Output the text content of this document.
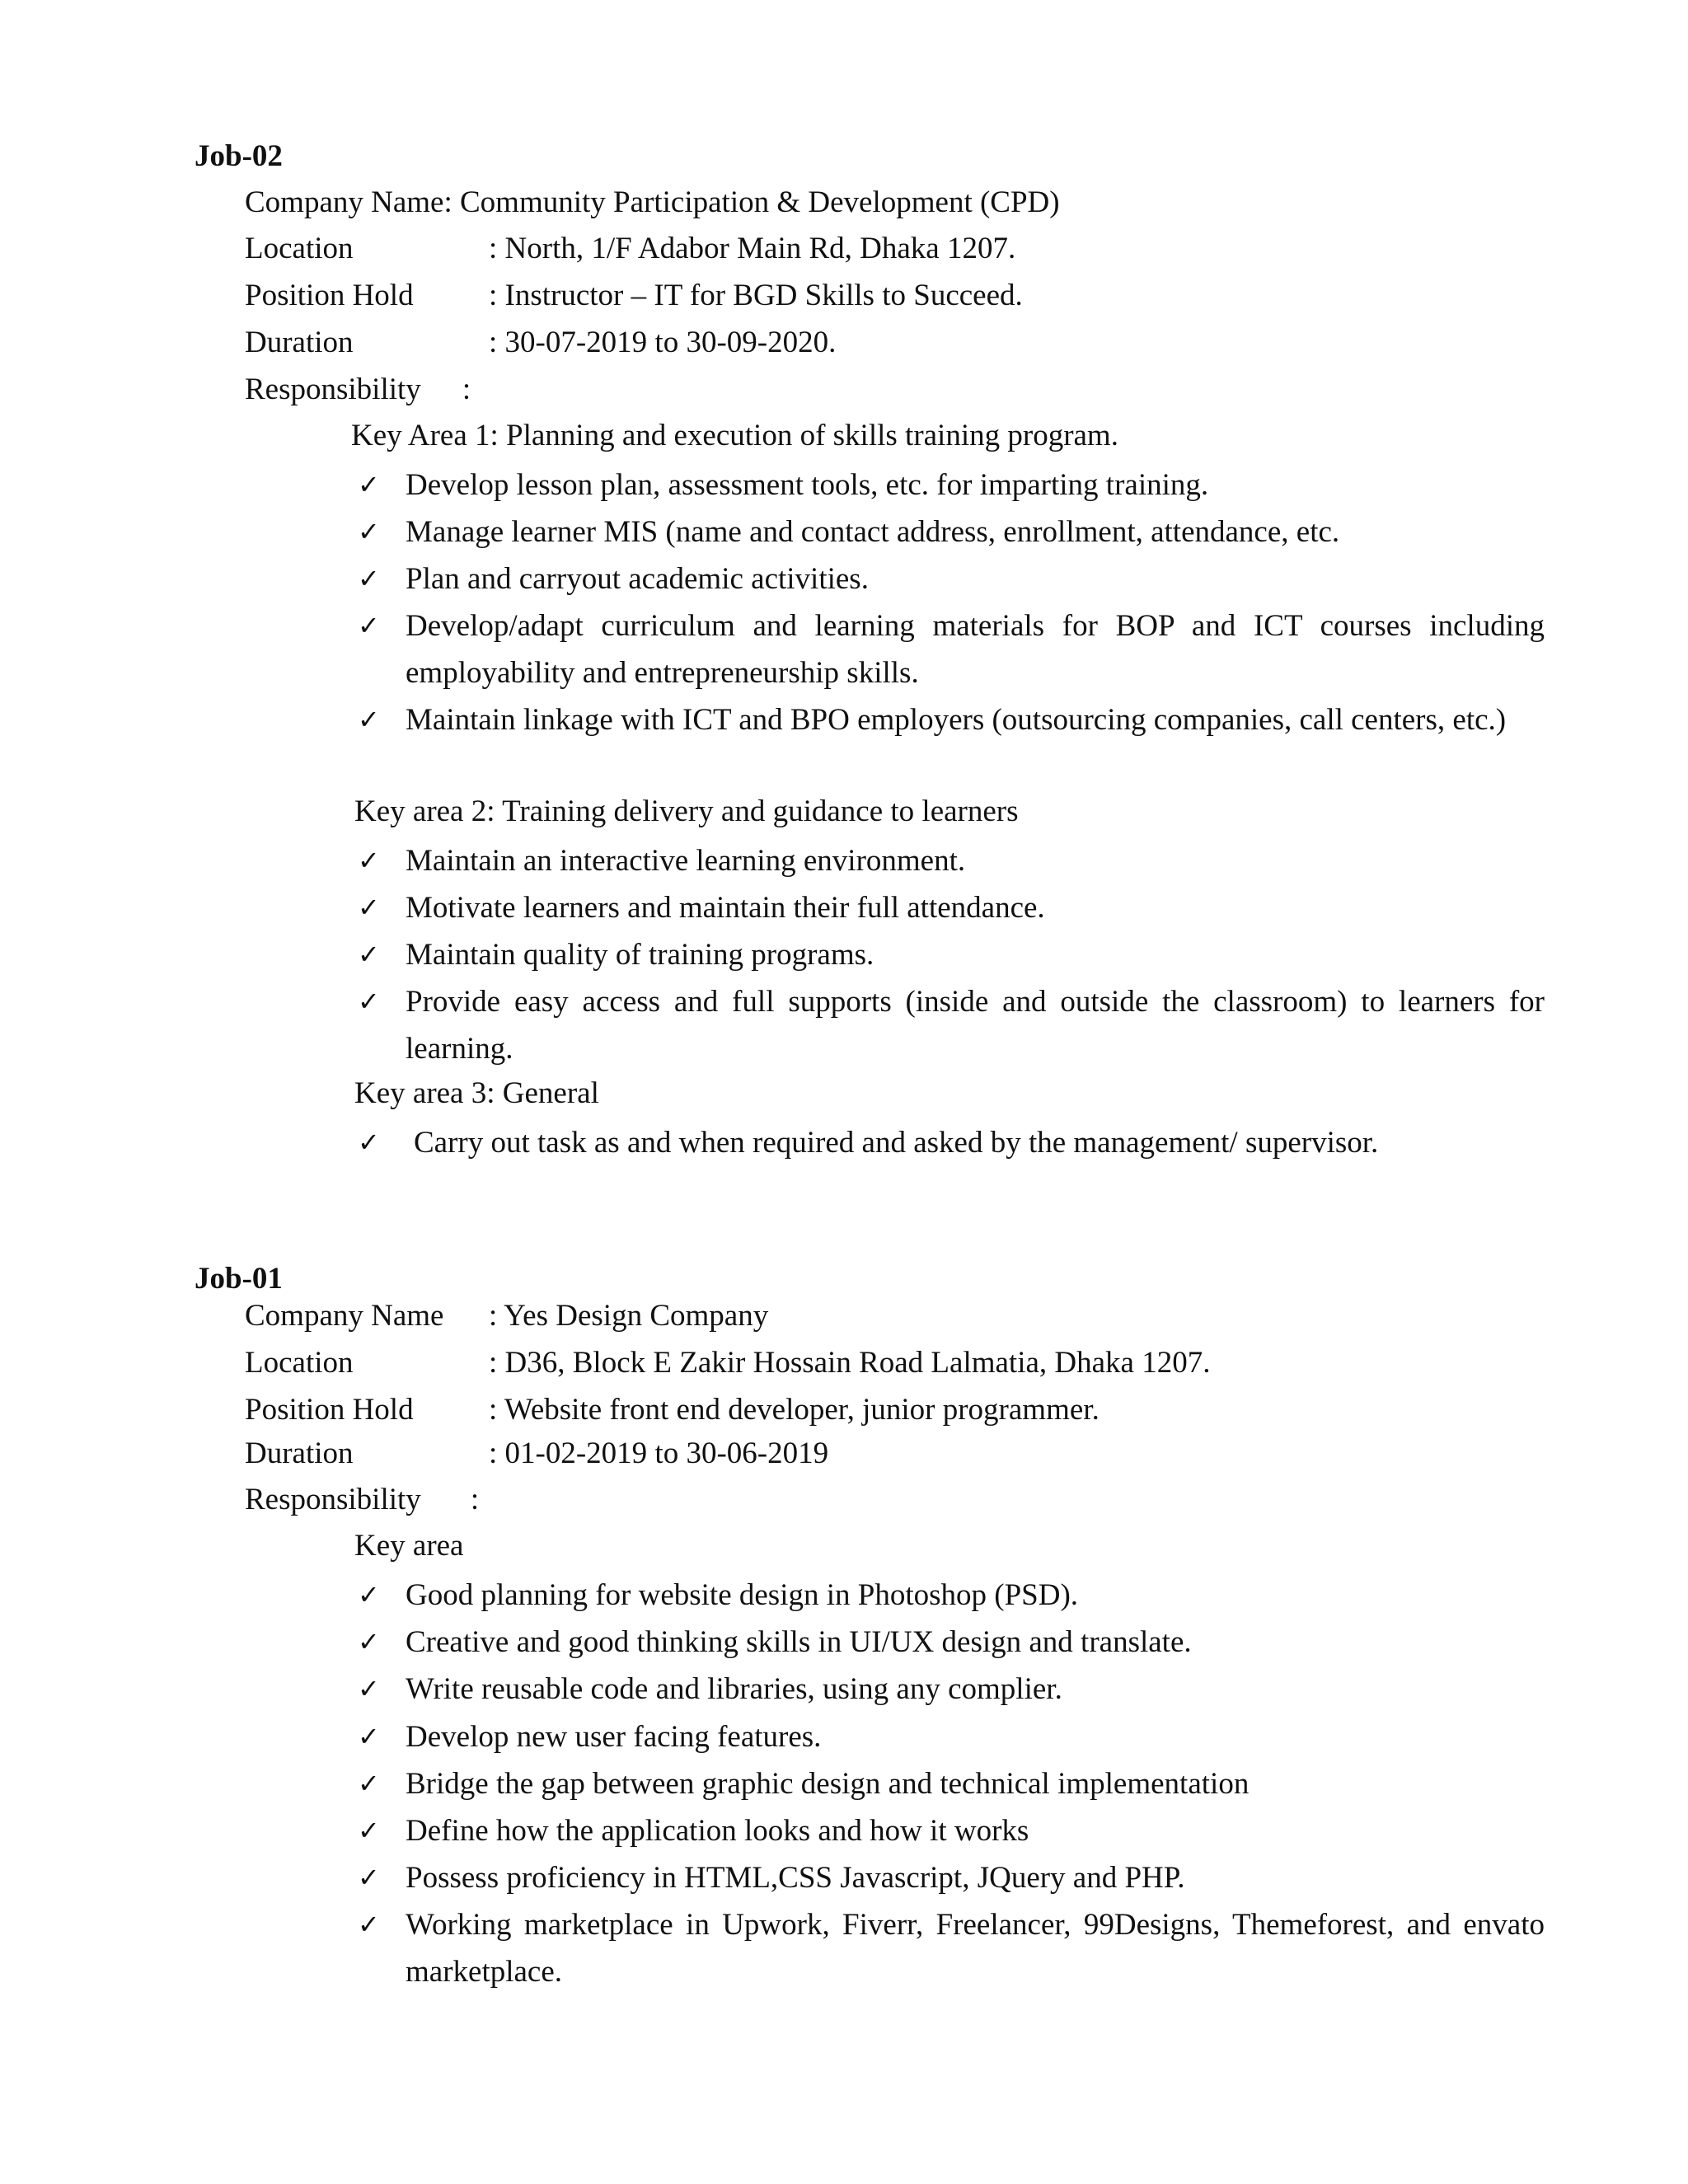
Job-02
Company Name: Community Participation & Development (CPD)
Location	: North, 1/F Adabor Main Rd, Dhaka 1207.
Position Hold : Instructor – IT for BGD Skills to Succeed.
Duration	: 30-07-2019 to 30-09-2020.
Responsibility :
Key Area 1: Planning and execution of skills training program.
✓ Develop lesson plan, assessment tools, etc. for imparting training.
✓ Manage learner MIS (name and contact address, enrollment, attendance, etc.
✓ Plan and carryout academic activities.
✓ Develop/adapt curriculum and learning materials for BOP and ICT courses including employability and entrepreneurship skills.
✓ Maintain linkage with ICT and BPO employers (outsourcing companies, call centers, etc.)
Key area 2: Training delivery and guidance to learners
✓ Maintain an interactive learning environment.
✓ Motivate learners and maintain their full attendance.
✓ Maintain quality of training programs.
✓ Provide easy access and full supports (inside and outside the classroom) to learners for learning.
Key area 3: General
✓	Carry out task as and when required and asked by the management/ supervisor.
Job-01
Company Name : Yes Design Company
Location	: D36, Block E Zakir Hossain Road Lalmatia, Dhaka 1207.
Position Hold : Website front end developer, junior programmer.
Duration	: 01-02-2019 to 30-06-2019
Responsibility :
Key area
✓ Good planning for website design in Photoshop (PSD).
✓ Creative and good thinking skills in UI/UX design and translate.
✓ Write reusable code and libraries, using any complier.
✓ Develop new user facing features.
✓ Bridge the gap between graphic design and technical implementation
✓ Define how the application looks and how it works
✓ Possess proficiency in HTML,CSS Javascript, JQuery and PHP.
✓ Working marketplace in Upwork, Fiverr, Freelancer, 99Designs, Themeforest, and envato marketplace.
